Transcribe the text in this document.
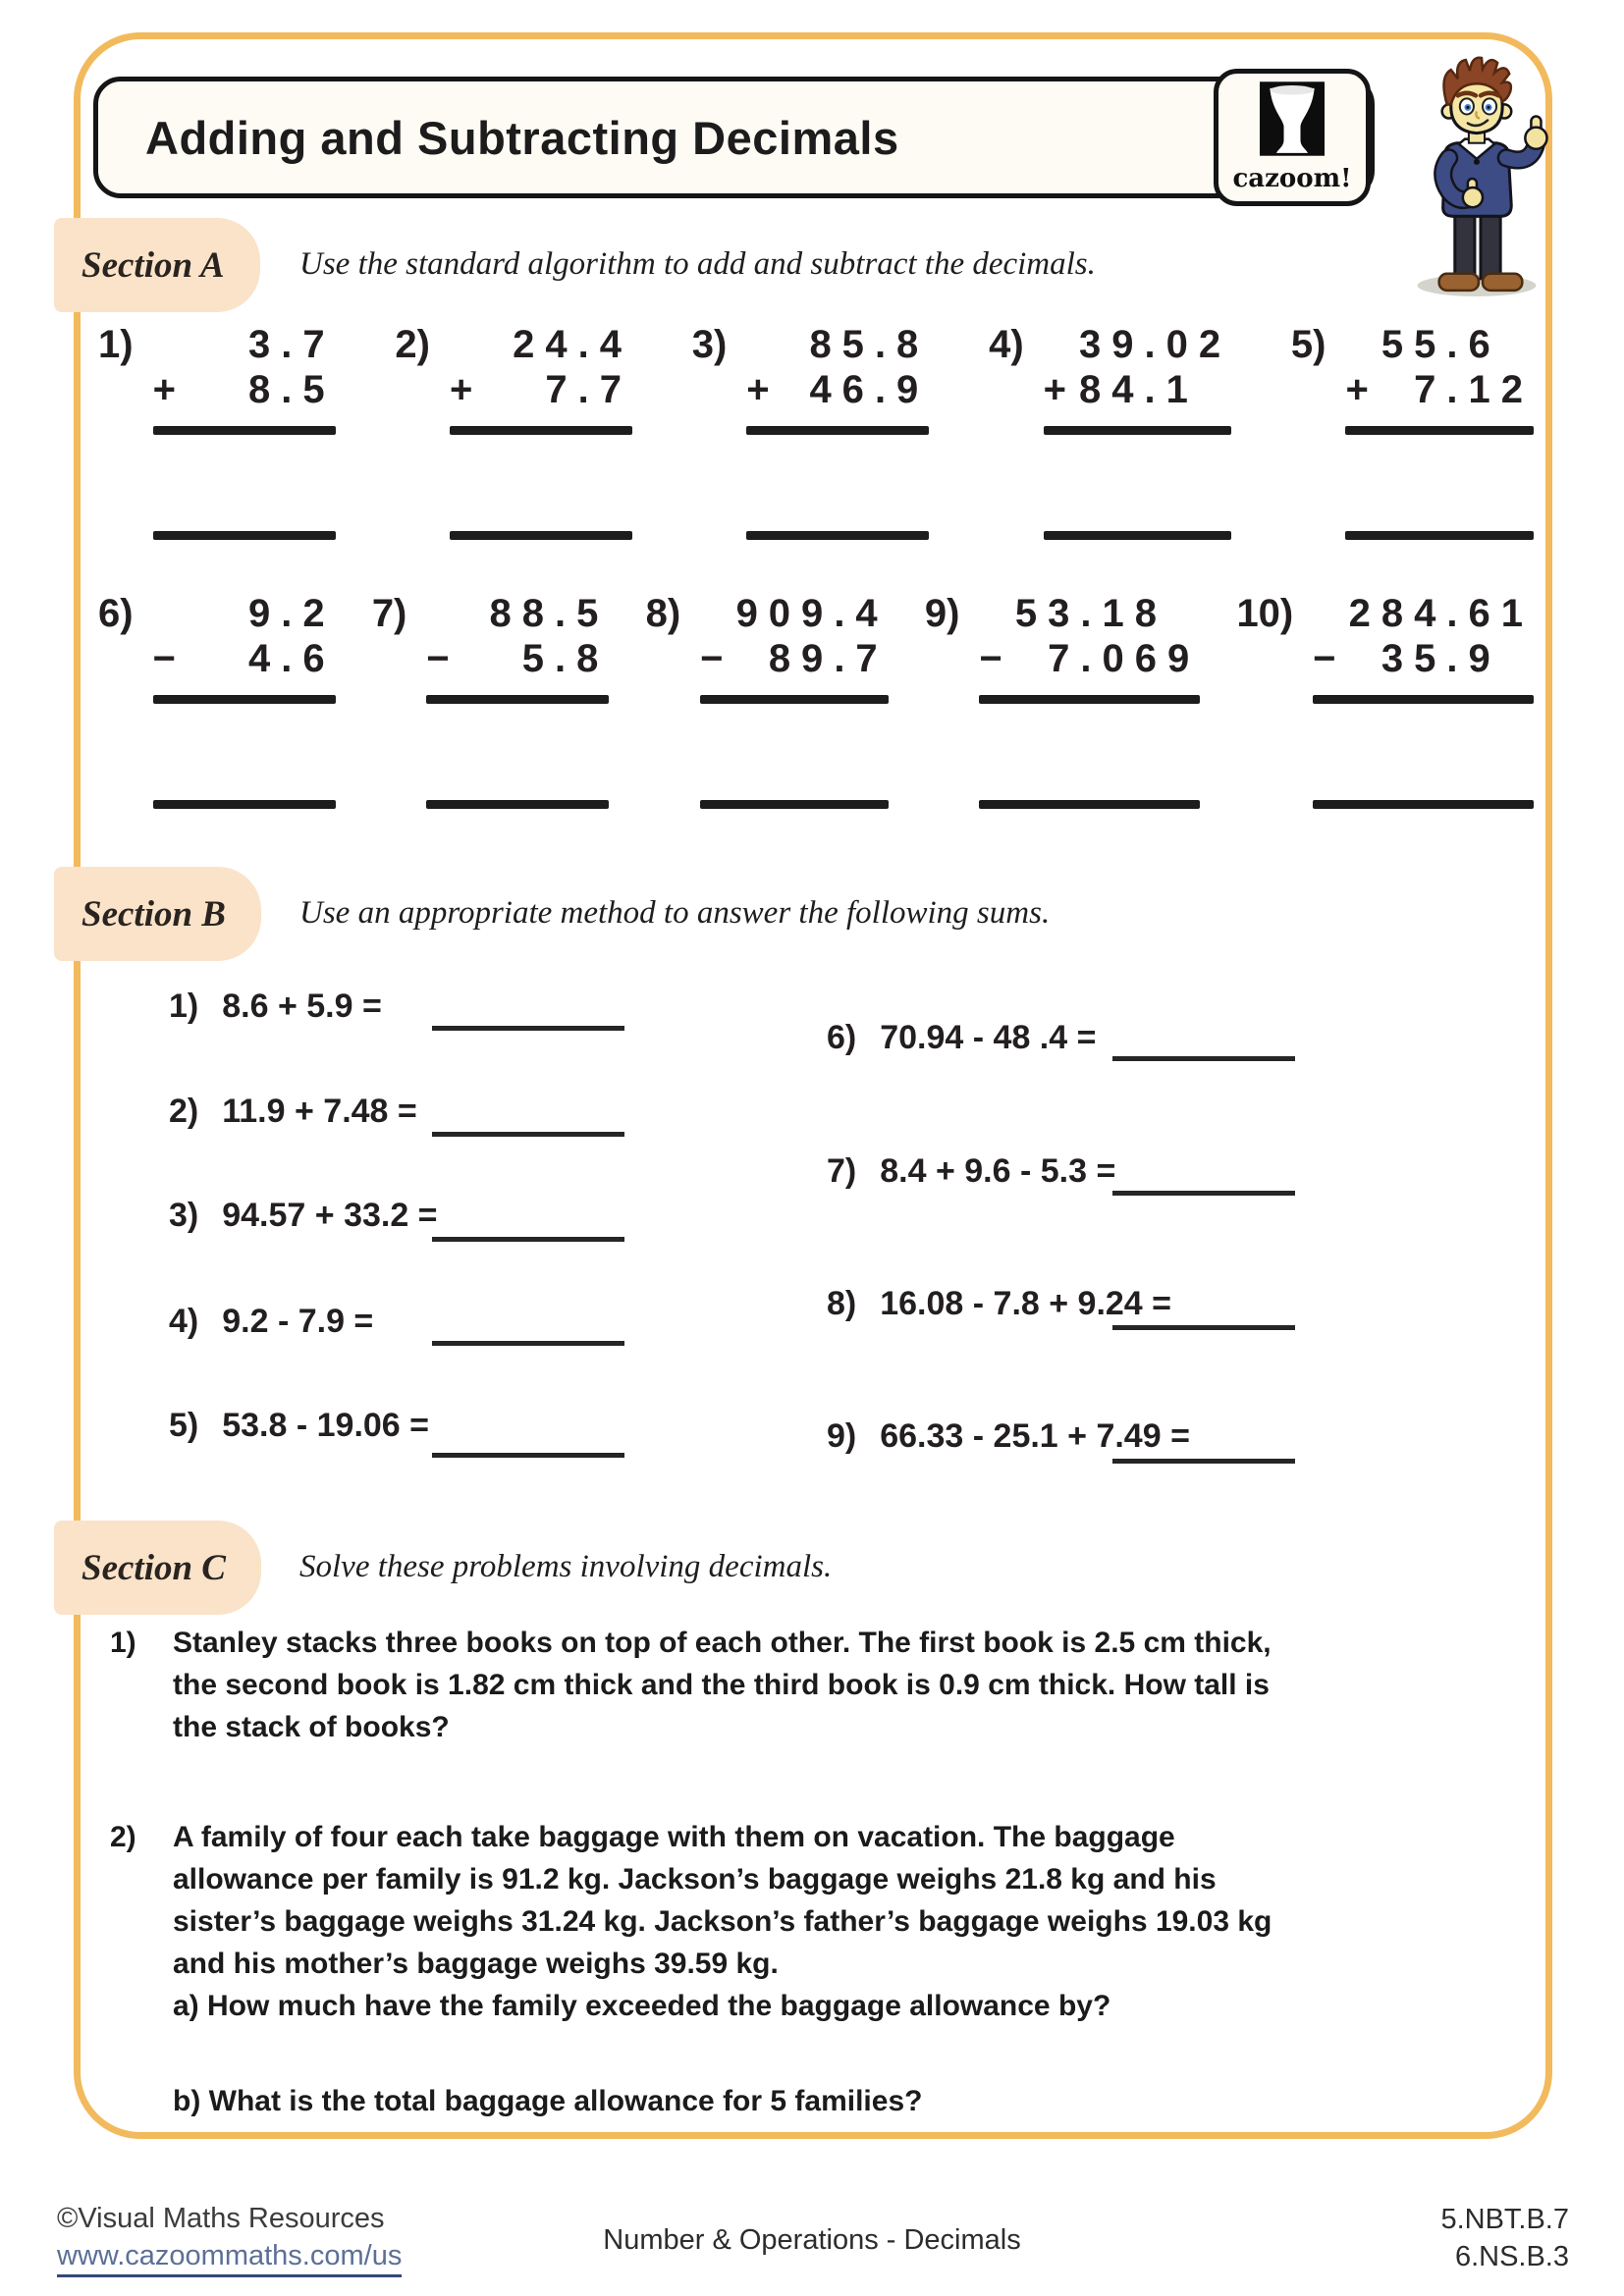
Adding and Subtracting Decimals
cazoom!
Section A Use the standard algorithm to add and subtract the decimals.
1)	3 .7
+	8 .5
2)	24 .4
+	7 .7
3)	85 .8
+ 46 .9
4) 39 .02
+ 84 .1
5) 55 .6
+ 7 .12
6)	9 .2
−	4 .6
7)	88 .5
−	5 .8
8) 909 .4
− 89 .7
9) 53 .18
− 7 .069
10) 284 .61
− 35 .9
Section B Use an appropriate method to answer the following sums.
1) 8.6 + 5.9 =
2) 11.9 + 7.48 =
3) 94.57 + 33.2 =
4) 9.2 - 7.9 =
5) 53.8 - 19.06 =
6) 70.94 - 48 .4 =
7) 8.4 + 9.6 - 5.3 =
8) 16.08 - 7.8 + 9.24 =
9) 66.33 - 25.1 + 7.49 =
Section C Solve these problems involving decimals.
1)	Stanley stacks three books on top of each other. The first book is 2.5 cm thick,
the second book is 1.82 cm thick and the third book is 0.9 cm thick. How tall is
the stack of books?
2)	A family of four each take baggage with them on vacation. The baggage
allowance per family is 91.2 kg. Jackson’s baggage weighs 21.8 kg and his
sister’s baggage weighs 31.24 kg. Jackson’s father’s baggage weighs 19.03 kg
and his mother’s baggage weighs 39.59 kg.
a) How much have the family exceeded the baggage allowance by?
b) What is the total baggage allowance for 5 families?
©Visual Maths Resources
www.cazoommaths.com/us	Number & Operations - Decimals
5.NBT.B.7
6.NS.B.3
